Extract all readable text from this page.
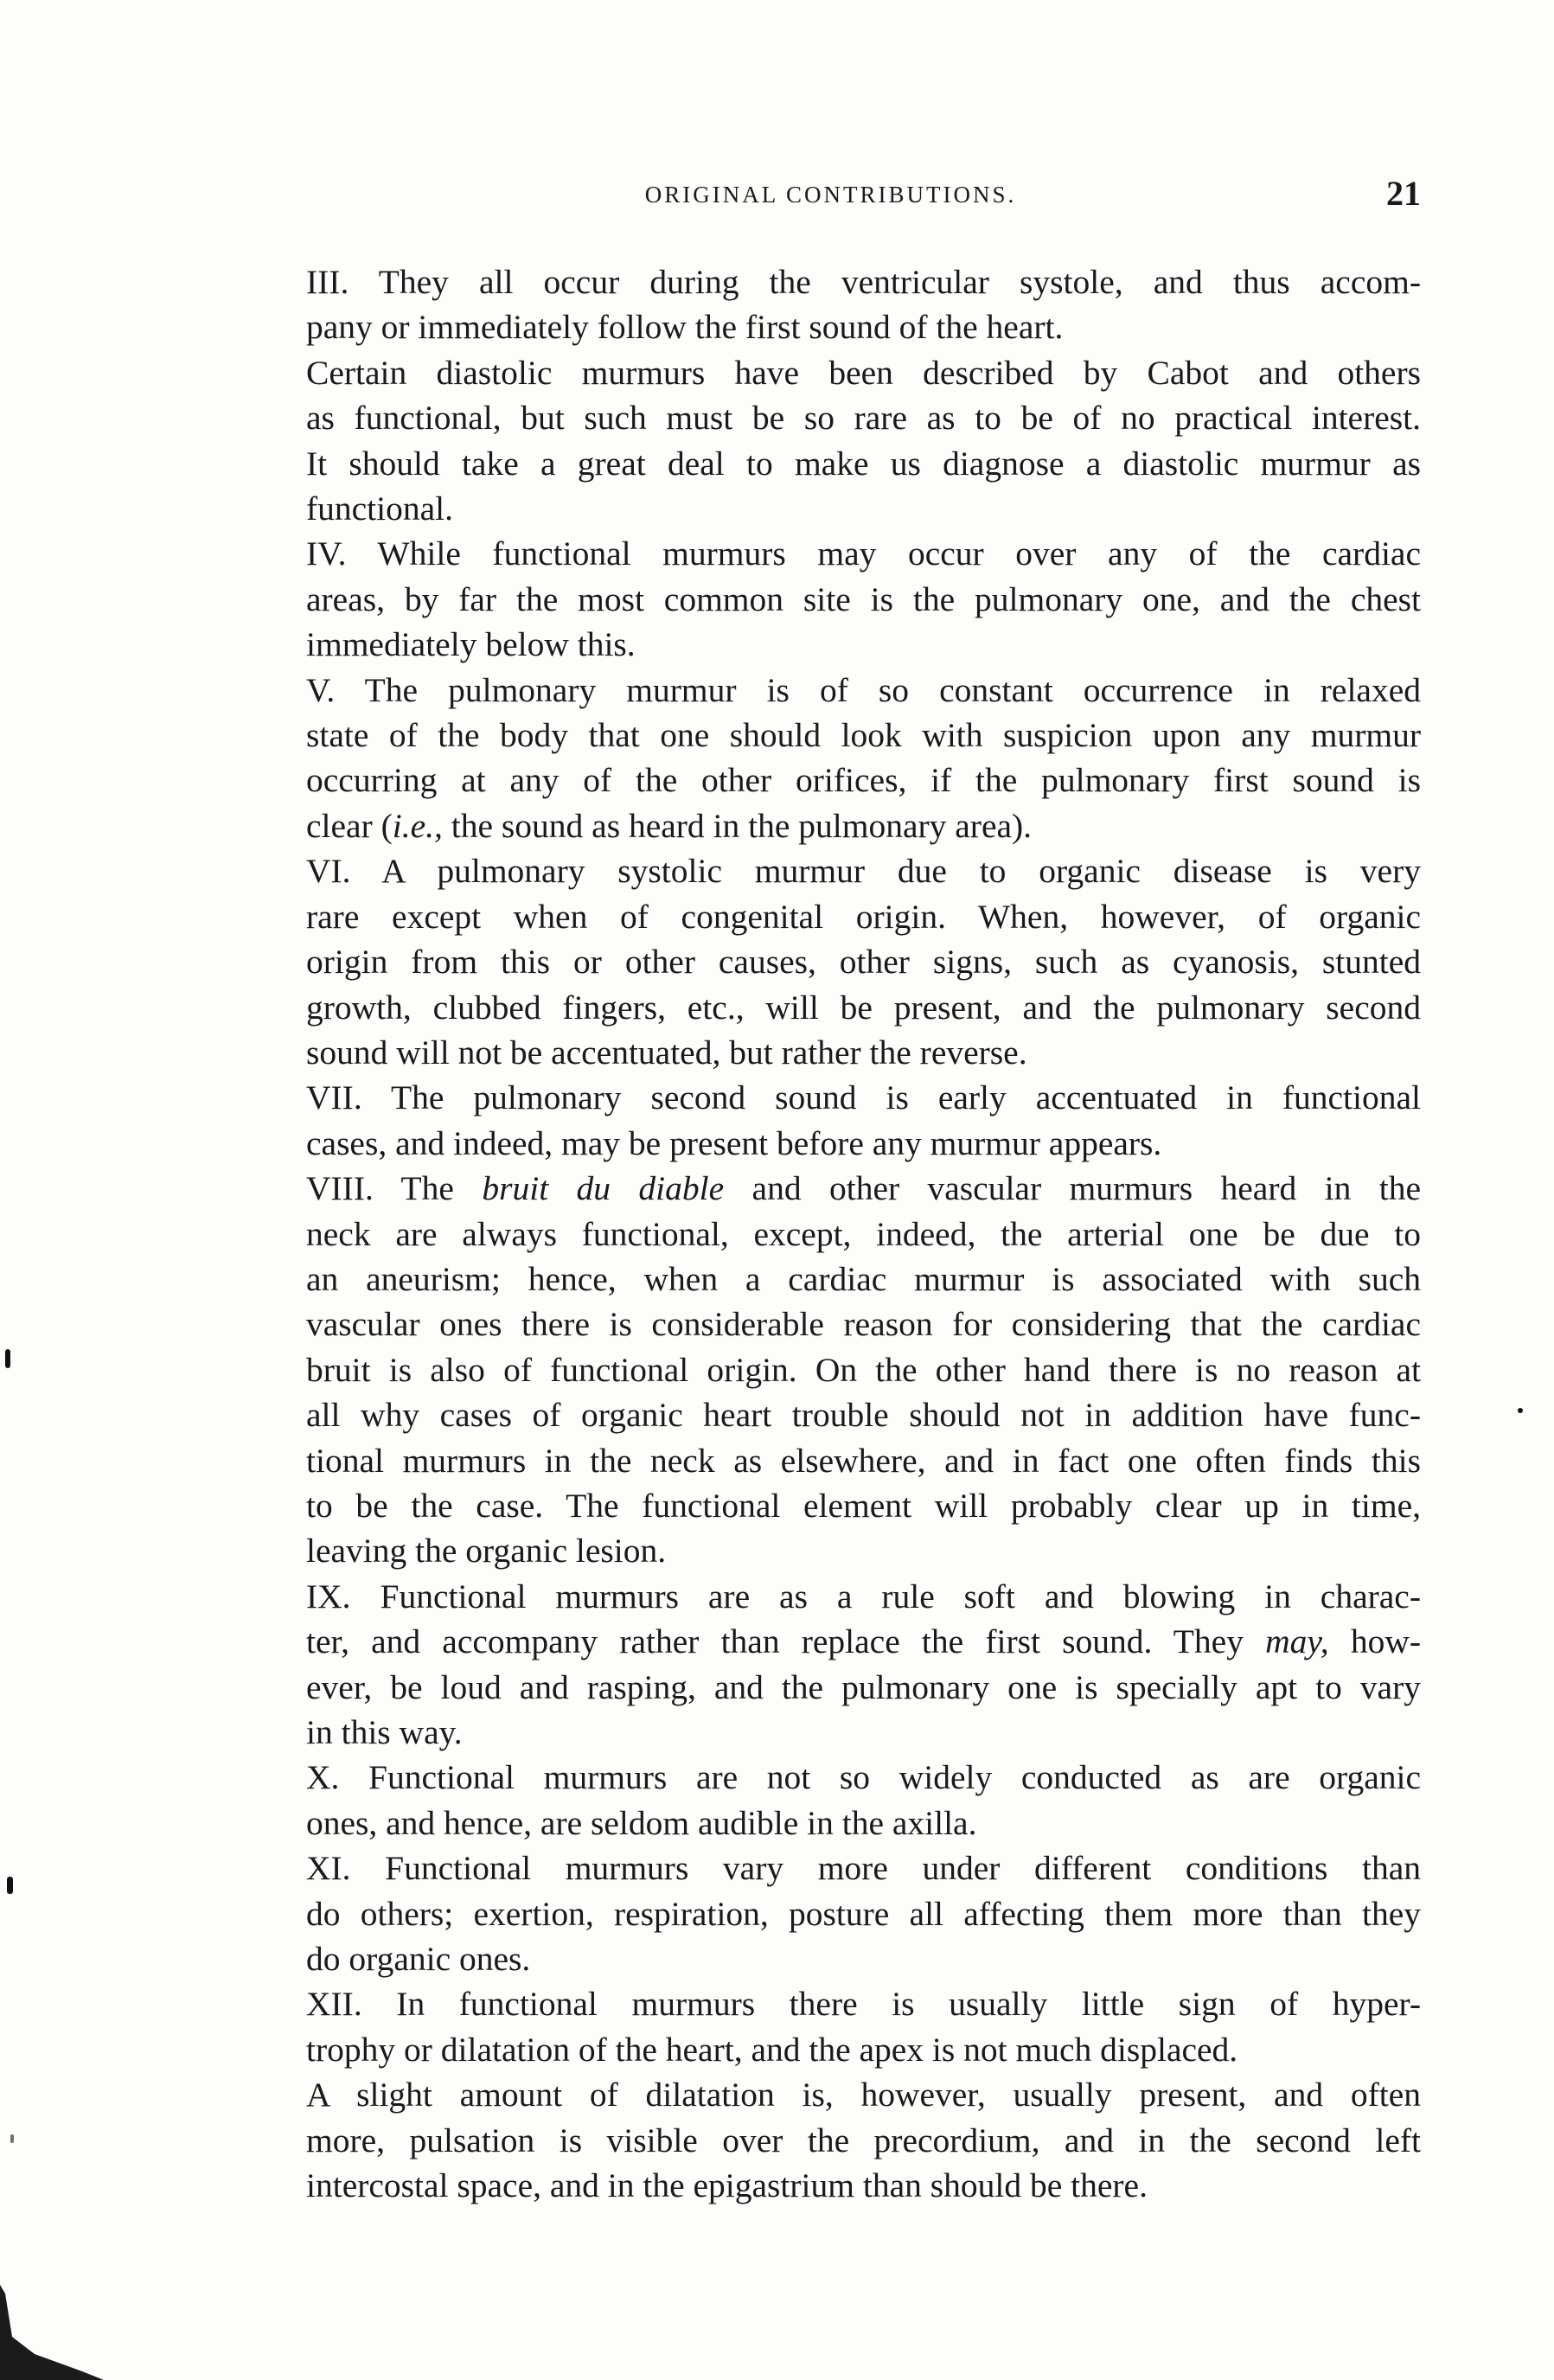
ORIGINAL CONTRIBUTIONS.	21

III. They all occur during the ventricular systole, and thus accom-
pany or immediately follow the first sound of the heart.

Certain diastolic murmurs have been described by Cabot and others
as functional, but such must be so rare as to be of no practical interest.
It should take a great deal to make us diagnose a diastolic murmur as
functional.

IV. While functional murmurs may occur over any of the cardiac
areas, by far the most common site is the pulmonary one, and the chest
immediately below this.

V. The pulmonary murmur is of so constant occurrence in relaxed
state of the body that one should look with suspicion upon any murmur
occurring at any of the other orifices, if the pulmonary first sound is
clear (i.e., the sound as heard in the pulmonary area).

VI. A pulmonary systolic murmur due to organic disease is very
rare except when of congenital origin. When, however, of organic
origin from this or other causes, other signs, such as cyanosis, stunted
growth, clubbed fingers, etc., will be present, and the pulmonary second
sound will not be accentuated, but rather the reverse.

VII. The pulmonary second sound is early accentuated in functional
cases, and indeed, may be present before any murmur appears.

VIII. The bruit du diable and other vascular murmurs heard in the
neck are always functional, except, indeed, the arterial one be due to
an aneurism; hence, when a cardiac murmur is associated with such
vascular ones there is considerable reason for considering that the cardiac
bruit is also of functional origin. On the other hand there is no reason at
all why cases of organic heart trouble should not in addition have func-
tional murmurs in the neck as elsewhere, and in fact one often finds this
to be the case. The functional element will probably clear up in time,
leaving the organic lesion.

IX. Functional murmurs are as a rule soft and blowing in charac-
ter, and accompany rather than replace the first sound. They may, how-
ever, be loud and rasping, and the pulmonary one is specially apt to vary
in this way.

X. Functional murmurs are not so widely conducted as are organic
ones, and hence, are seldom audible in the axilla.

XI. Functional murmurs vary more under different conditions than
do others; exertion, respiration, posture all affecting them more than they
do organic ones.

XII. In functional murmurs there is usually little sign of hyper-
trophy or dilatation of the heart, and the apex is not much displaced.

A slight amount of dilatation is, however, usually present, and often
more, pulsation is visible over the precordium, and in the second left
intercostal space, and in the epigastrium than should be there.
